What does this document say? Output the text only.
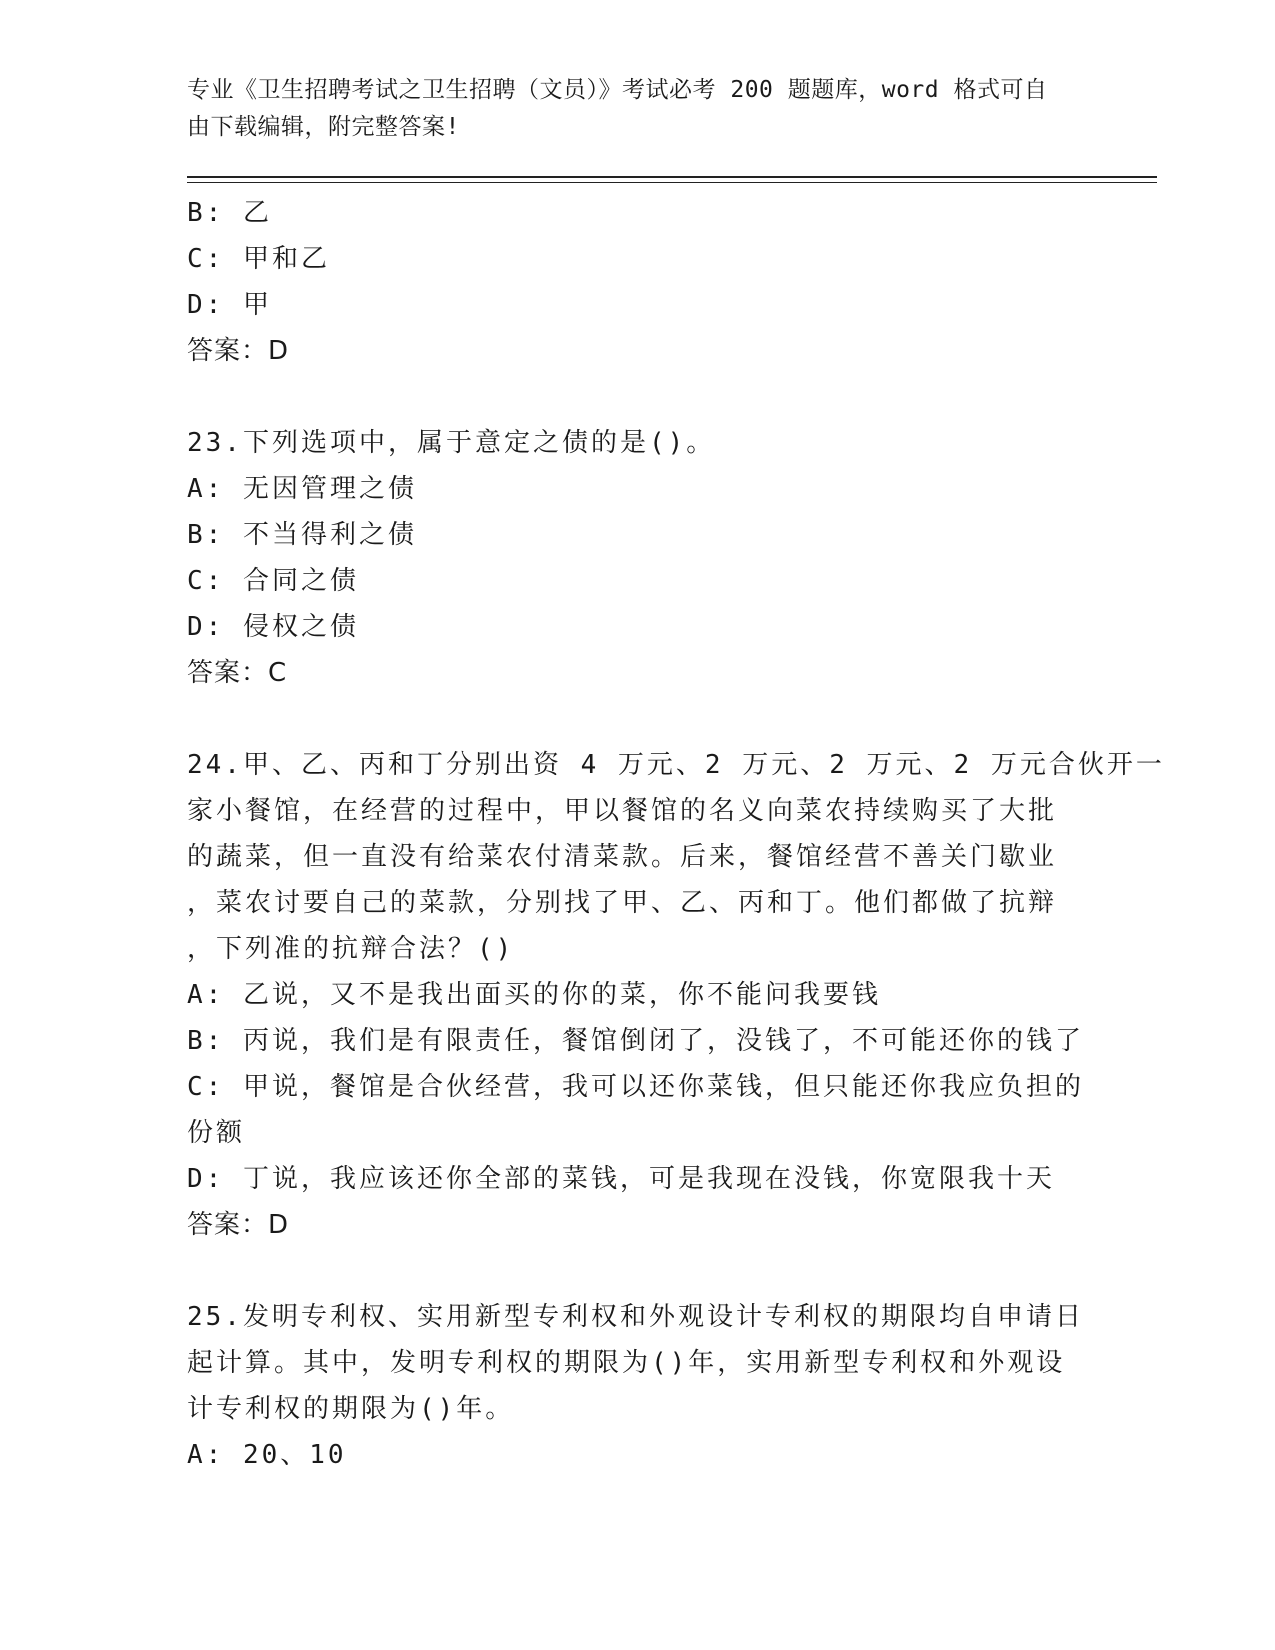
专业《卫生招聘考试之卫生招聘（文员）》考试必考 200 题题库，word 格式可自
由下载编辑，附完整答案!
B: 乙
C: 甲和乙
D: 甲
答案：D
23.下列选项中，属于意定之债的是()。
A: 无因管理之债
B: 不当得利之债
C: 合同之债
D: 侵权之债
答案：C
24.甲、乙、丙和丁分别出资 4 万元、2 万元、2 万元、2 万元合伙开一
家小餐馆，在经营的过程中，甲以餐馆的名义向菜农持续购买了大批
的蔬菜，但一直没有给菜农付清菜款。后来，餐馆经营不善关门歇业
，菜农讨要自己的菜款，分别找了甲、乙、丙和丁。他们都做了抗辩
，下列准的抗辩合法？()
A: 乙说，又不是我出面买的你的菜，你不能问我要钱
B: 丙说，我们是有限责任，餐馆倒闭了，没钱了，不可能还你的钱了
C: 甲说，餐馆是合伙经营，我可以还你菜钱，但只能还你我应负担的
份额
D: 丁说，我应该还你全部的菜钱，可是我现在没钱，你宽限我十天
答案：D
25.发明专利权、实用新型专利权和外观设计专利权的期限均自申请日
起计算。其中，发明专利权的期限为()年，实用新型专利权和外观设
计专利权的期限为()年。
A: 20、10
